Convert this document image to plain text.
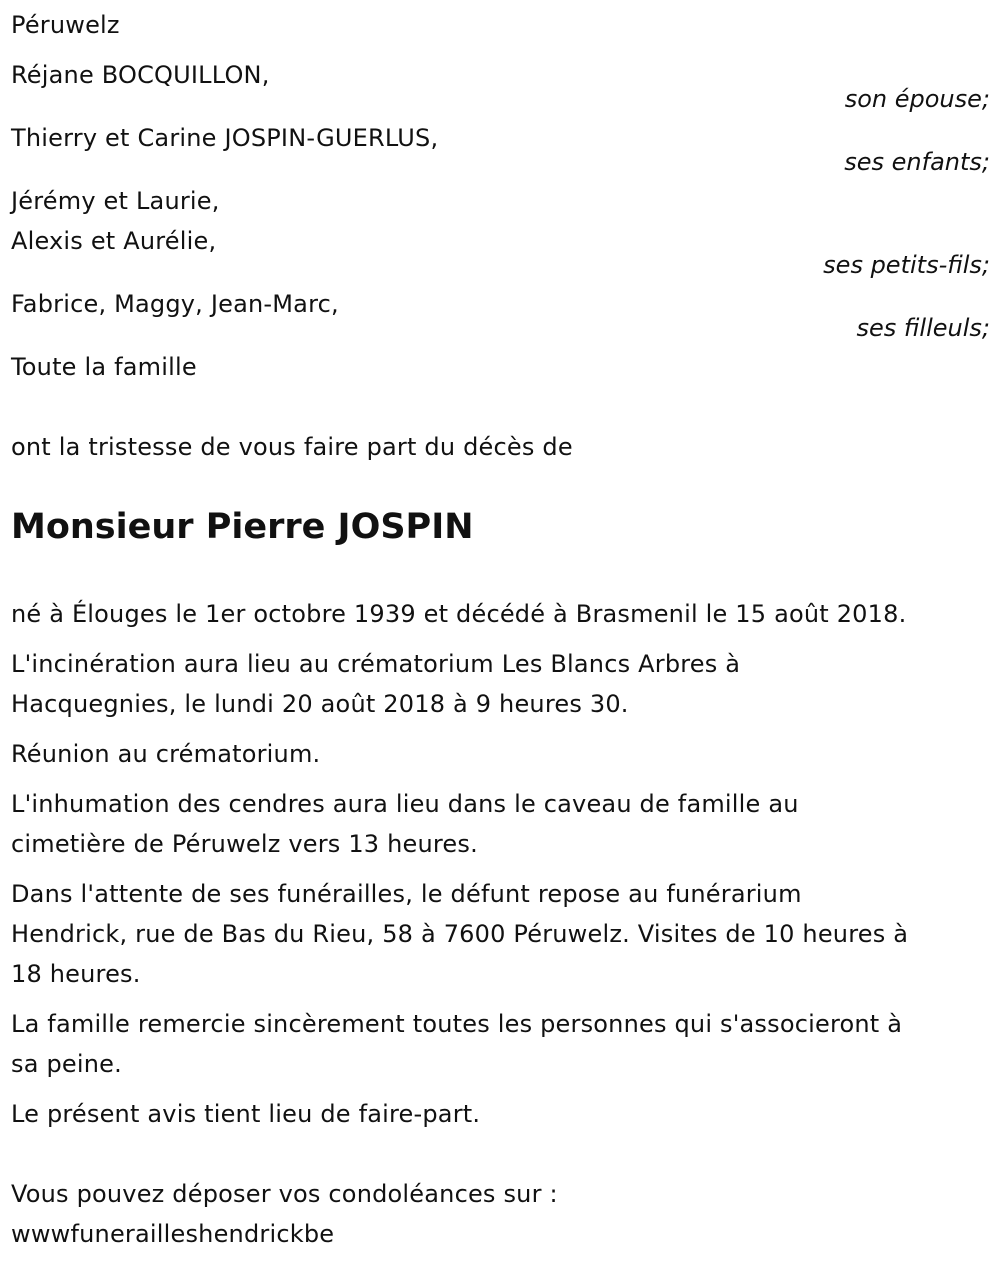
Péruwelz
Réjane BOCQUILLON,
son épouse;
Thierry et Carine JOSPIN-GUERLUS,
ses enfants;
Jérémy et Laurie,
Alexis et Aurélie,
ses petits-fils;
Fabrice, Maggy, Jean-Marc,
ses filleuls;
Toute la famille
ont la tristesse de vous faire part du décès de
Monsieur Pierre JOSPIN
né à Élouges le 1er octobre 1939 et décédé à Brasmenil le 15 août 2018.
L'incinération aura lieu au crématorium Les Blancs Arbres à
Hacquegnies, le lundi 20 août 2018 à 9 heures 30.
Réunion au crématorium.
L'inhumation des cendres aura lieu dans le caveau de famille au
cimetière de Péruwelz vers 13 heures.
Dans l'attente de ses funérailles, le défunt repose au funérarium
Hendrick, rue de Bas du Rieu, 58 à 7600 Péruwelz. Visites de 10 heures à
18 heures.
La famille remercie sincèrement toutes les personnes qui s'associeront à
sa peine.
Le présent avis tient lieu de faire-part.
Vous pouvez déposer vos condoléances sur :
wwwfunerailleshendrickbe
